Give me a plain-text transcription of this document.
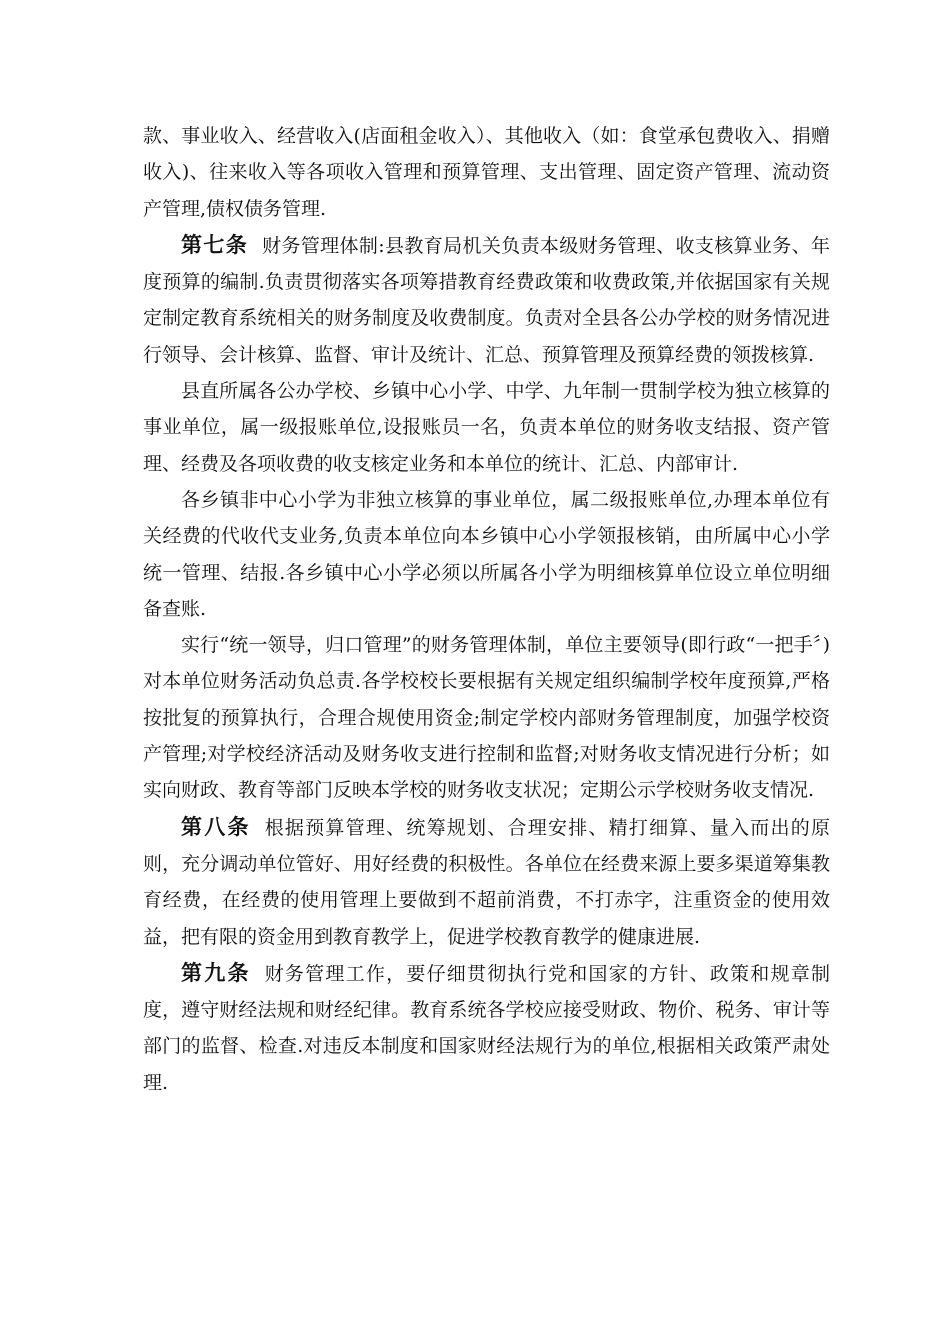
款、事业收入、经营收入(店面租金收入）、其他收入（如：食堂承包费收入、捐赠收入)、往来收入等各项收入管理和预算管理、支出管理、固定资产管理、流动资产管理,债权债务管理.

第七条 财务管理体制:县教育局机关负责本级财务管理、收支核算业务、年度预算的编制.负责贯彻落实各项筹措教育经费政策和收费政策,并依据国家有关规定制定教育系统相关的财务制度及收费制度。负责对全县各公办学校的财务情况进行领导、会计核算、监督、审计及统计、汇总、预算管理及预算经费的领拨核算.

县直所属各公办学校、乡镇中心小学、中学、九年制一贯制学校为独立核算的事业单位，属一级报账单位,设报账员一名，负责本单位的财务收支结报、资产管理、经费及各项收费的收支核定业务和本单位的统计、汇总、内部审计.

各乡镇非中心小学为非独立核算的事业单位，属二级报账单位,办理本单位有关经费的代收代支业务,负责本单位向本乡镇中心小学领报核销，由所属中心小学统一管理、结报.各乡镇中心小学必须以所属各小学为明细核算单位设立单位明细备查账.

实行“统一领导，归口管理”的财务管理体制，单位主要领导(即行政“一把手〞)对本单位财务活动负总责.各学校校长要根据有关规定组织编制学校年度预算,严格按批复的预算执行，合理合规使用资金;制定学校内部财务管理制度，加强学校资产管理;对学校经济活动及财务收支进行控制和监督;对财务收支情况进行分析；如实向财政、教育等部门反映本学校的财务收支状况；定期公示学校财务收支情况.

第八条 根据预算管理、统筹规划、合理安排、精打细算、量入而出的原则，充分调动单位管好、用好经费的积极性。各单位在经费来源上要多渠道筹集教育经费，在经费的使用管理上要做到不超前消费，不打赤字，注重资金的使用效益，把有限的资金用到教育教学上，促进学校教育教学的健康进展.

第九条 财务管理工作，要仔细贯彻执行党和国家的方针、政策和规章制度，遵守财经法规和财经纪律。教育系统各学校应接受财政、物价、税务、审计等部门的监督、检查.对违反本制度和国家财经法规行为的单位,根据相关政策严肃处理.
